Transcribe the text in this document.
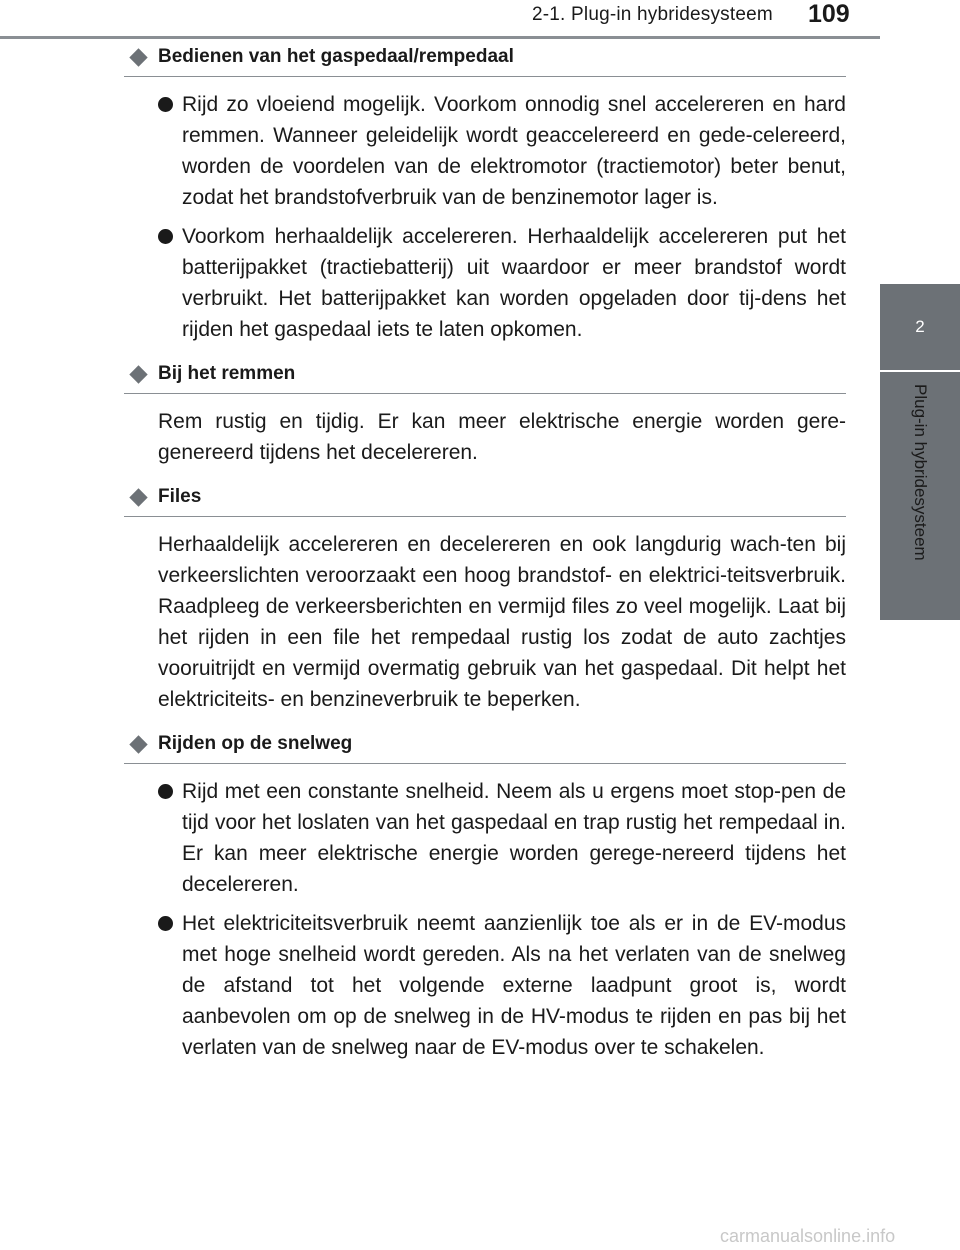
2-1. Plug-in hybridesysteem 109
2
Plug-in hybridesysteem
Bedienen van het gaspedaal/rempedaal
Rijd zo vloeiend mogelijk. Voorkom onnodig snel accelereren en hard remmen. Wanneer geleidelijk wordt geaccelereerd en gede-celereerd, worden de voordelen van de elektromotor (tractiemotor) beter benut, zodat het brandstofverbruik van de benzinemotor lager is.
Voorkom herhaaldelijk accelereren. Herhaaldelijk accelereren put het batterijpakket (tractiebatterij) uit waardoor er meer brandstof wordt verbruikt. Het batterijpakket kan worden opgeladen door tij-dens het rijden het gaspedaal iets te laten opkomen.
Bij het remmen

Rem rustig en tijdig. Er kan meer elektrische energie worden gere-genereerd tijdens het decelereren.

Files

Herhaaldelijk accelereren en decelereren en ook langdurig wach-ten bij verkeerslichten veroorzaakt een hoog brandstof- en elektrici-teitsverbruik. Raadpleeg de verkeersberichten en vermijd files zo veel mogelijk. Laat bij het rijden in een file het rempedaal rustig los zodat de auto zachtjes vooruitrijdt en vermijd overmatig gebruik van het gaspedaal. Dit helpt het elektriciteits- en benzineverbruik te beperken.

Rijden op de snelweg
Rijd met een constante snelheid. Neem als u ergens moet stop-pen de tijd voor het loslaten van het gaspedaal en trap rustig het rempedaal in. Er kan meer elektrische energie worden gerege-nereerd tijdens het decelereren.
Het elektriciteitsverbruik neemt aanzienlijk toe als er in de EV-modus met hoge snelheid wordt gereden. Als na het verlaten van de snelweg de afstand tot het volgende externe laadpunt groot is, wordt aanbevolen om op de snelweg in de HV-modus te rijden en pas bij het verlaten van de snelweg naar de EV-modus over te schakelen.
carmanualsonline.info
